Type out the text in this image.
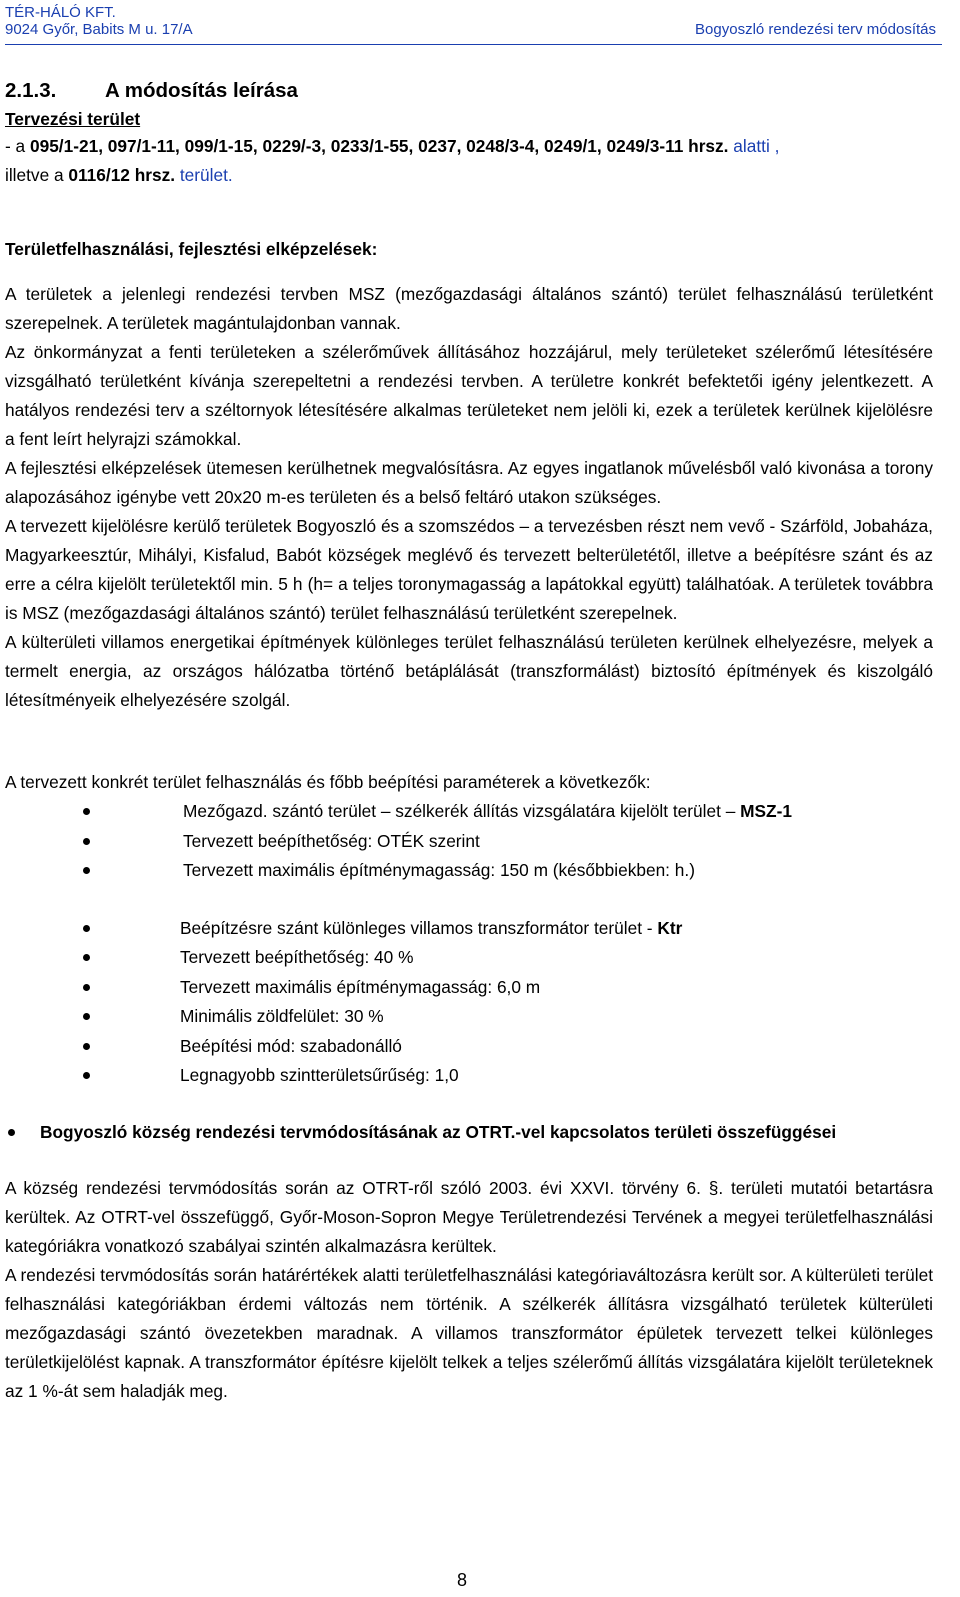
TÉR-HÁLÓ KFT.
9024 Győr, Babits M u. 17/A	Bogyoszló rendezési terv módosítás
2.1.3. A módosítás leírása
Tervezési terület

- a 095/1-21, 097/1-11, 099/1-15, 0229/-3, 0233/1-55, 0237, 0248/3-4, 0249/1, 0249/3-11 hrsz. alatti ,

illetve a 0116/12 hrsz. terület.

Területfelhasználási, fejlesztési elképzelések:

A területek a jelenlegi rendezési tervben MSZ (mezőgazdasági általános szántó) terület felhasználású területként szerepelnek. A területek magántulajdonban vannak.

Az önkormányzat a fenti területeken a szélerőművek állításához hozzájárul, mely területeket szélerőmű létesítésére vizsgálható területként kívánja szerepeltetni a rendezési tervben. A területre konkrét befektetői igény jelentkezett. A hatályos rendezési terv a széltornyok létesítésére alkalmas területeket nem jelöli ki, ezek a területek kerülnek kijelölésre a fent leírt helyrajzi számokkal.

A fejlesztési elképzelések ütemesen kerülhetnek megvalósításra. Az egyes ingatlanok művelésből való kivonása a torony alapozásához igénybe vett 20x20 m-es területen és a belső feltáró utakon szükséges.

A tervezett kijelölésre kerülő területek Bogyoszló és a szomszédos – a tervezésben részt nem vevő - Szárföld, Jobaháza, Magyarkeesztúr, Mihályi, Kisfalud, Babót községek meglévő és tervezett belterületétől, illetve a beépítésre szánt és az erre a célra kijelölt területektől min. 5 h (h= a teljes toronymagasság a lapátokkal együtt) találhatóak. A területek továbbra is MSZ (mezőgazdasági általános szántó) terület felhasználású területként szerepelnek.

A külterületi villamos energetikai építmények különleges terület felhasználású területen kerülnek elhelyezésre, melyek a termelt energia, az országos hálózatba történő betáplálását (transzformálást) biztosító építmények és kiszolgáló létesítményeik elhelyezésére szolgál.

A tervezett konkrét terület felhasználás és főbb beépítési paraméterek a következők:

Mezőgazd. szántó terület – szélkerék állítás vizsgálatára kijelölt terület – MSZ-1
Tervezett beépíthetőség: OTÉK szerint
Tervezett maximális építménymagasság: 150 m (későbbiekben: h.)
Beépítzésre szánt különleges villamos transzformátor terület - Ktr
Tervezett beépíthetőség: 40 %
Tervezett maximális építménymagasság: 6,0 m
Minimális zöldfelület: 30 %
Beépítési mód: szabadonálló
Legnagyobb szintterületsűrűség: 1,0
Bogyoszló község rendezési tervmódosításának az OTRT.-vel kapcsolatos területi összefüggései

A község rendezési tervmódosítás során az OTRT-ről szóló 2003. évi XXVI. törvény 6. §. területi mutatói betartásra kerültek. Az OTRT-vel összefüggő, Győr-Moson-Sopron Megye Területrendezési Tervének a megyei területfelhasználási kategóriákra vonatkozó szabályai szintén alkalmazásra kerültek.

A rendezési tervmódosítás során határértékek alatti területfelhasználási kategóriaváltozásra került sor. A külterületi terület felhasználási kategóriákban érdemi változás nem történik. A szélkerék állításra vizsgálható területek külterületi mezőgazdasági szántó övezetekben maradnak. A villamos transzformátor épületek tervezett telkei különleges területkijelölést kapnak. A transzformátor építésre kijelölt telkek a teljes szélerőmű állítás vizsgálatára kijelölt területeknek az 1 %-át sem haladják meg.

8
